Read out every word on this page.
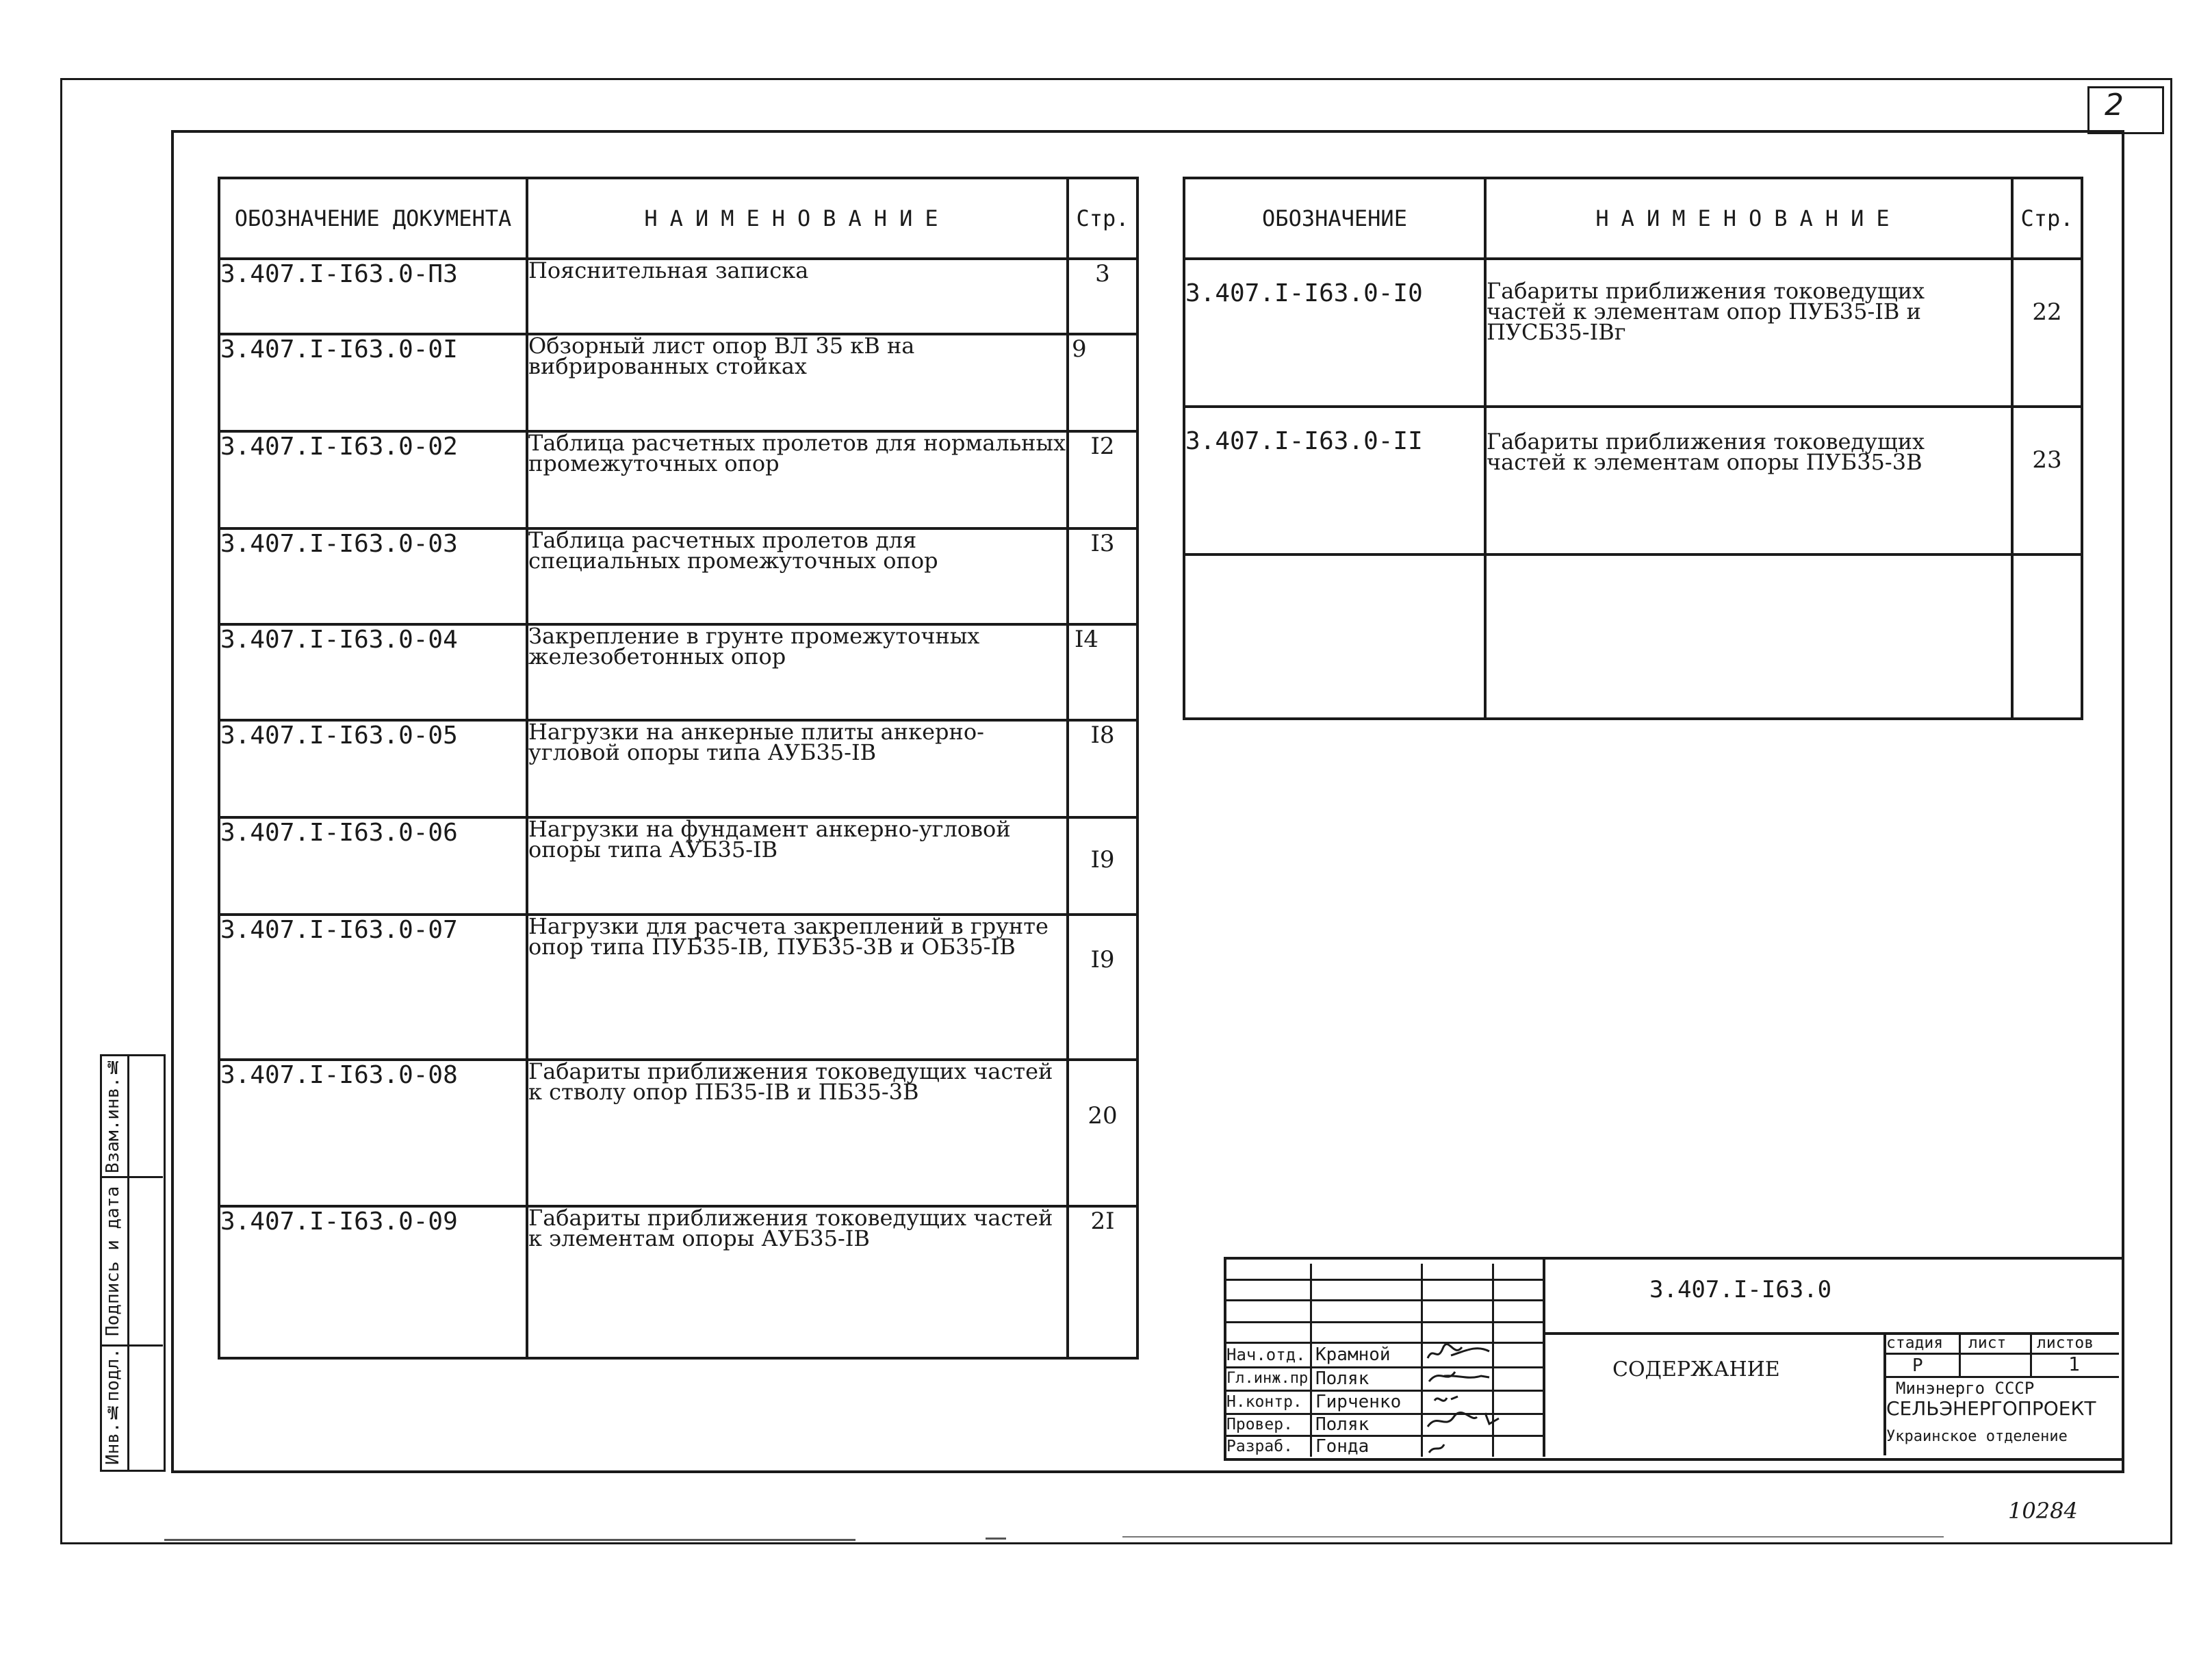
2
Инв.№подл.
Подпись и дата
Взам.инв.№
ОБОЗНАЧЕНИЕ ДОКУМЕНТА	НАИМЕНОВАНИЕ	Стр.
3.407.I-I63.0-ПЗ	Пояснительная записка	3
3.407.I-I63.0-0I	Обзорный лист опор ВЛ 35 кВ на вибрированных стойках	9
3.407.I-I63.0-02	Таблица расчетных пролетов для нормальных промежуточных опор	I2
3.407.I-I63.0-03	Таблица расчетных пролетов для специальных промежуточных опор	I3
3.407.I-I63.0-04	Закрепление в грунте промежуточных железобетонных опор	I4
3.407.I-I63.0-05	Нагрузки на анкерные плиты анкерно-угловой опоры типа АУБ35-IВ	I8
3.407.I-I63.0-06	Нагрузки на фундамент анкерно-угловой опоры типа АУБ35-IВ	I9
3.407.I-I63.0-07	Нагрузки для расчета закреплений в грунте опор типа ПУБ35-IВ, ПУБ35-3В и ОБ35-IВ	I9
3.407.I-I63.0-08	Габариты приближения токоведущих частей к стволу опор ПБ35-IВ и ПБ35-3В	20
3.407.I-I63.0-09	Габариты приближения токоведущих частей к элементам опоры АУБ35-IВ	2I
ОБОЗНАЧЕНИЕ	НАИМЕНОВАНИЕ	Стр.
3.407.I-I63.0-I0	Габариты приближения токоведущих частей к элементам опор ПУБ35-IВ и ПУСБ35-IВг	22
3.407.I-I63.0-II	Габариты приближения токоведущих частей к элементам опоры ПУБ35-3В	23

Нач.отд. Крамной
Гл.инж.пр Поляк
Н.контр. Гирченко
Провер. Поляк
Разраб. Гонда
3.407.I-I63.0
СОДЕРЖАНИЕ
стадия лист листов
Р	1
Минэнерго СССР
СЕЛЬЭНЕРГОПРОЕКТ
Украинское отделение
10284
